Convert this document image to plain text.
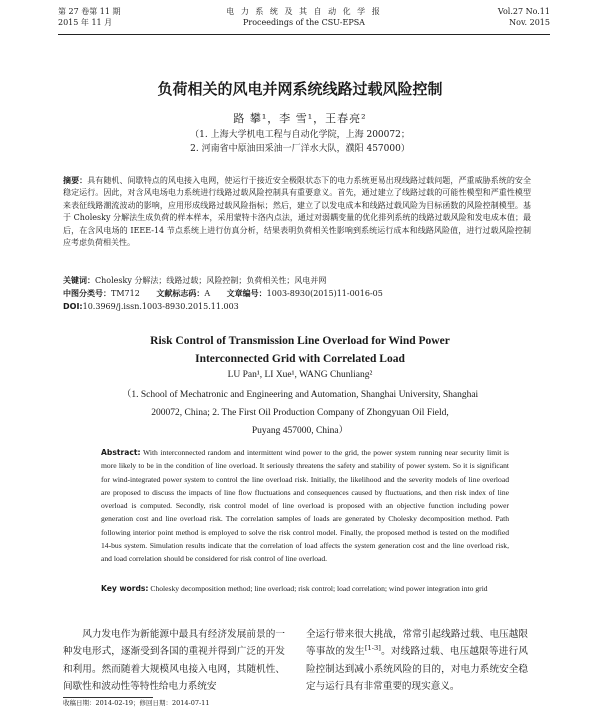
第 27 卷第 11 期
2015 年 11 月
电 力 系 统 及 其 自 动 化 学 报
Proceedings of the CSU-EPSA
Vol.27 No.11
Nov. 2015
负荷相关的风电并网系统线路过载风险控制
路 攀¹，李 雪¹，王春亮²
（1. 上海大学机电工程与自动化学院，上海 200072；
2. 河南省中原油田采油一厂洋水大队，濮阳 457000）
摘要：具有随机、间歇特点的风电接入电网，使运行于接近安全极限状态下的电力系统更易出现线路过载问题，严重威胁系统的安全稳定运行。因此，对含风电场电力系统进行线路过载风险控制具有重要意义。首先，通过建立了线路过载的可能性模型和严重性模型来表征线路潮流波动的影响，应用形成线路过载风险指标；然后，建立了以发电成本和线路过载风险为目标函数的风险控制模型。基于 Cholesky 分解法生成负荷的样本样本，采用蒙特卡洛内点法，通过对弱耦变量的优化排列系统的线路过载风险和发电成本值；最后，在含风电场的 IEEE-14 节点系统上进行仿真分析，结果表明负荷相关性影响到系统运行成本和线路风险值，进行过载风险控制应考虑负荷相关性。
关键词：Cholesky 分解法；线路过载；风险控制；负荷相关性；风电并网
中图分类号：TM712 文献标志码：A 文章编号：1003-8930(2015)11-0016-05
DOI:10.3969/j.issn.1003-8930.2015.11.003
Risk Control of Transmission Line Overload for Wind Power
Interconnected Grid with Correlated Load
LU Pan¹, LI Xue¹, WANG Chunliang²
（1. School of Mechatronic and Engineering and Automation, Shanghai University, Shanghai
200072, China; 2. The First Oil Production Company of Zhongyuan Oil Field,
Puyang 457000, China）
Abstract: With interconnected random and intermittent wind power to the grid, the power system running near security limit is more likely to be in the condition of line overload. It seriously threatens the safety and stability of power system. So it is significant for wind-integrated power system to control the line overload risk. Initially, the likelihood and the severity models of line overload are proposed to discuss the impacts of line flow fluctuations and consequences caused by fluctuations, and then risk index of line overload is computed. Secondly, risk control model of line overload is proposed with an objective function including power generation cost and line overload risk. The correlation samples of loads are generated by Cholesky decomposition method. Path following interior point method is employed to solve the risk control model. Finally, the proposed method is tested on the modified 14-bus system. Simulation results indicate that the correlation of load affects the system generation cost and the line overload risk, and load correlation should be considered for risk control of line overload.
Key words: Cholesky decomposition method; line overload; risk control; load correlation; wind power integration into grid
风力发电作为新能源中最具有经济发展前景的一种发电形式，逐渐受到各国的重视并得到广泛的开发和利用。然而随着大规模风电接入电网，其随机性、间歇性和波动性等特性给电力系统安
全运行带来很大挑战，常常引起线路过载、电压越限等事故的发生[1-3]。对线路过载、电压越限等进行风险控制达到减小系统风险的目的，对电力系统安全稳定与运行具有非常重要的现实意义。
收稿日期：2014-02-19；修回日期：2014-07-11
